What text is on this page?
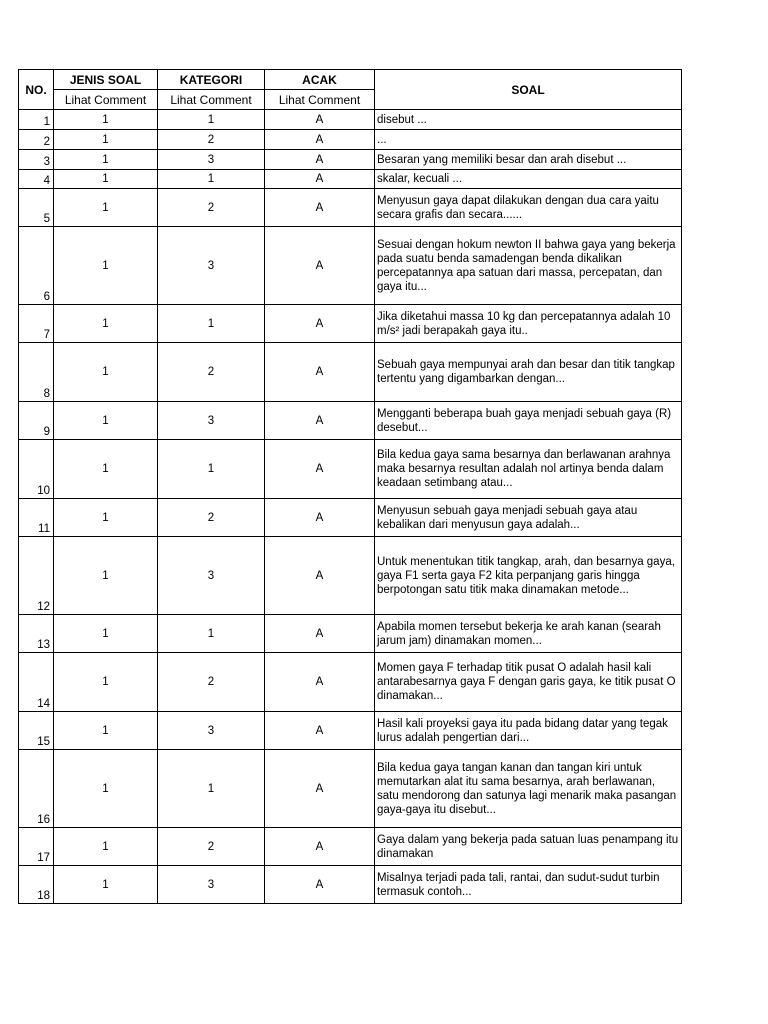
NO.	JENIS SOAL	KATEGORI	ACAK	SOAL
	Lihat Comment	Lihat Comment	Lihat Comment	
1	1	1	A	disebut ...
2	1	2	A	...
3	1	3	A	Besaran yang memiliki besar dan arah disebut ...
4	1	1	A	skalar, kecuali ...
5	1	2	A	Menyusun gaya dapat dilakukan dengan dua cara yaitu secara grafis dan secara......
6	1	3	A	Sesuai dengan hokum newton II bahwa gaya yang bekerja pada suatu benda samadengan benda dikalikan percepatannya apa satuan dari massa, percepatan, dan gaya itu...
7	1	1	A	Jika diketahui massa 10 kg dan percepatannya adalah 10 m/s² jadi berapakah gaya itu..
8	1	2	A	Sebuah gaya mempunyai arah dan besar dan titik tangkap tertentu yang digambarkan dengan...
9	1	3	A	Mengganti beberapa buah gaya menjadi sebuah gaya (R) desebut...
10	1	1	A	Bila kedua gaya sama besarnya dan berlawanan arahnya maka besarnya resultan adalah nol artinya benda dalam keadaan setimbang atau...
11	1	2	A	Menyusun sebuah gaya menjadi sebuah gaya atau kebalikan dari menyusun gaya adalah...
12	1	3	A	Untuk menentukan titik tangkap, arah, dan besarnya gaya, gaya F1 serta gaya F2 kita perpanjang garis hingga berpotongan satu titik maka dinamakan metode...
13	1	1	A	Apabila momen tersebut bekerja ke arah kanan (searah jarum jam) dinamakan momen...
14	1	2	A	Momen gaya F terhadap titik pusat O adalah hasil kali antarabesarnya gaya F dengan garis gaya, ke titik pusat O dinamakan...
15	1	3	A	Hasil kali proyeksi gaya itu pada bidang datar yang tegak lurus adalah pengertian dari...
16	1	1	A	Bila kedua gaya tangan kanan dan tangan kiri untuk memutarkan alat itu sama besarnya, arah berlawanan, satu mendorong dan satunya lagi menarik maka pasangan gaya-gaya itu disebut...
17	1	2	A	Gaya dalam yang bekerja pada satuan luas penampang itu dinamakan
18	1	3	A	Misalnya terjadi pada tali, rantai, dan sudut-sudut turbin termasuk contoh...
